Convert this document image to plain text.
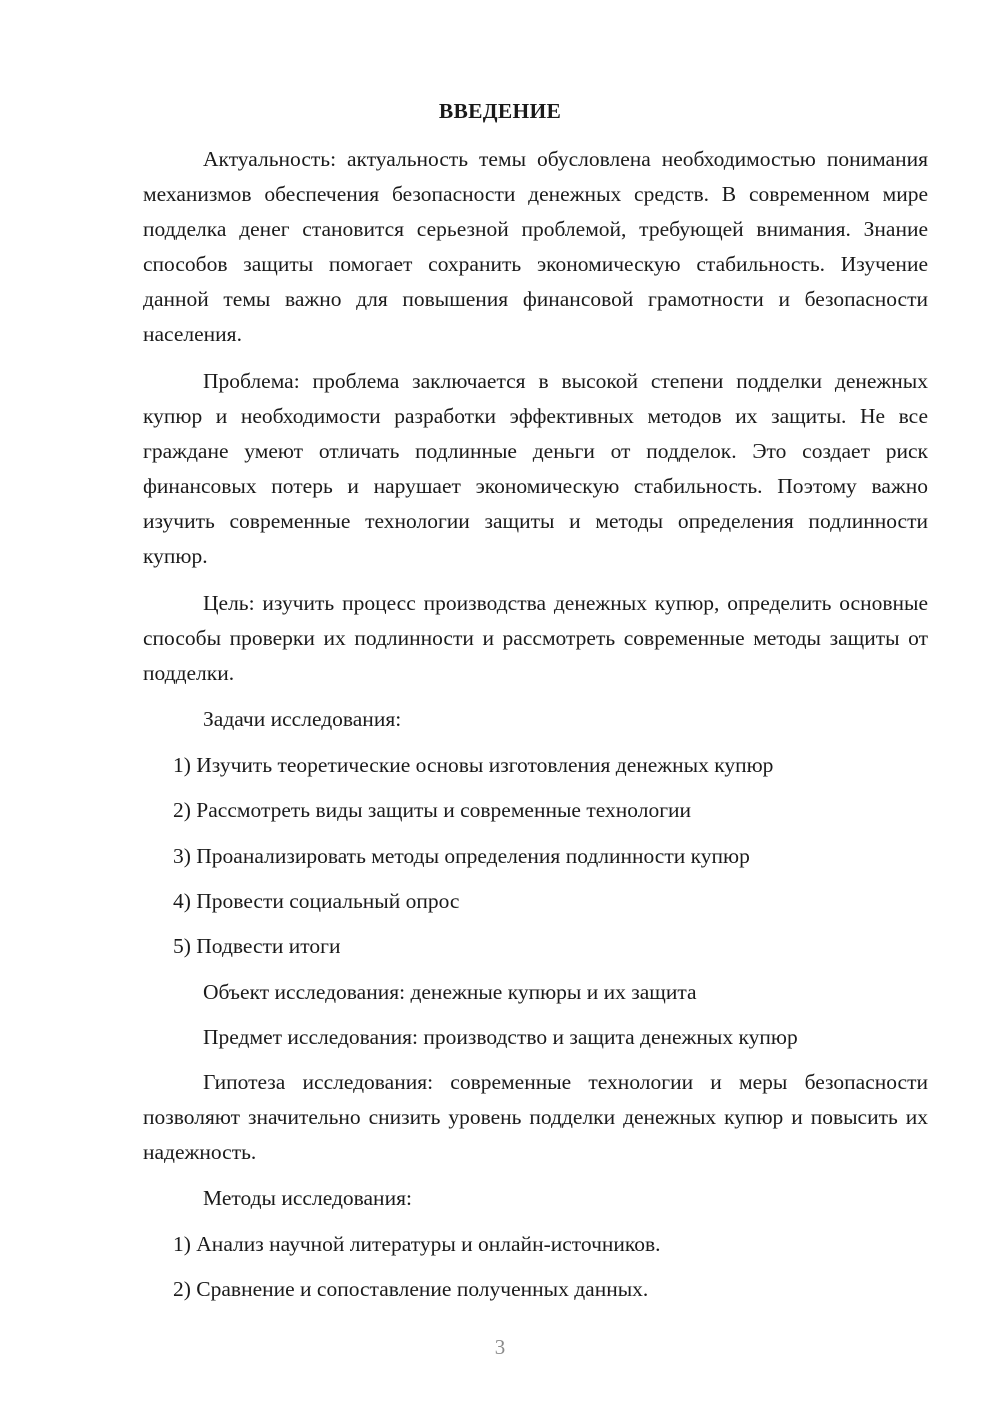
ВВЕДЕНИЕ

Актуальность: актуальность темы обусловлена необходимостью понимания механизмов обеспечения безопасности денежных средств. В современном мире подделка денег становится серьезной проблемой, требующей внимания. Знание способов защиты помогает сохранить экономическую стабильность. Изучение данной темы важно для повышения финансовой грамотности и безопасности населения.

Проблема: проблема заключается в высокой степени подделки денежных купюр и необходимости разработки эффективных методов их защиты. Не все граждане умеют отличать подлинные деньги от подделок. Это создает риск финансовых потерь и нарушает экономическую стабильность. Поэтому важно изучить современные технологии защиты и методы определения подлинности купюр.

Цель: изучить процесс производства денежных купюр, определить основные способы проверки их подлинности и рассмотреть современные методы защиты от подделки.

Задачи исследования:
1) Изучить теоретические основы изготовления денежных купюр
2) Рассмотреть виды защиты и современные технологии
3) Проанализировать методы определения подлинности купюр
4) Провести социальный опрос
5) Подвести итоги
Объект исследования: денежные купюры и их защита
Предмет исследования: производство и защита денежных купюр

Гипотеза исследования: современные технологии и меры безопасности позволяют значительно снизить уровень подделки денежных купюр и повысить их надежность.

Методы исследования:
1) Анализ научной литературы и онлайн-источников.
2) Сравнение и сопоставление полученных данных.
3
